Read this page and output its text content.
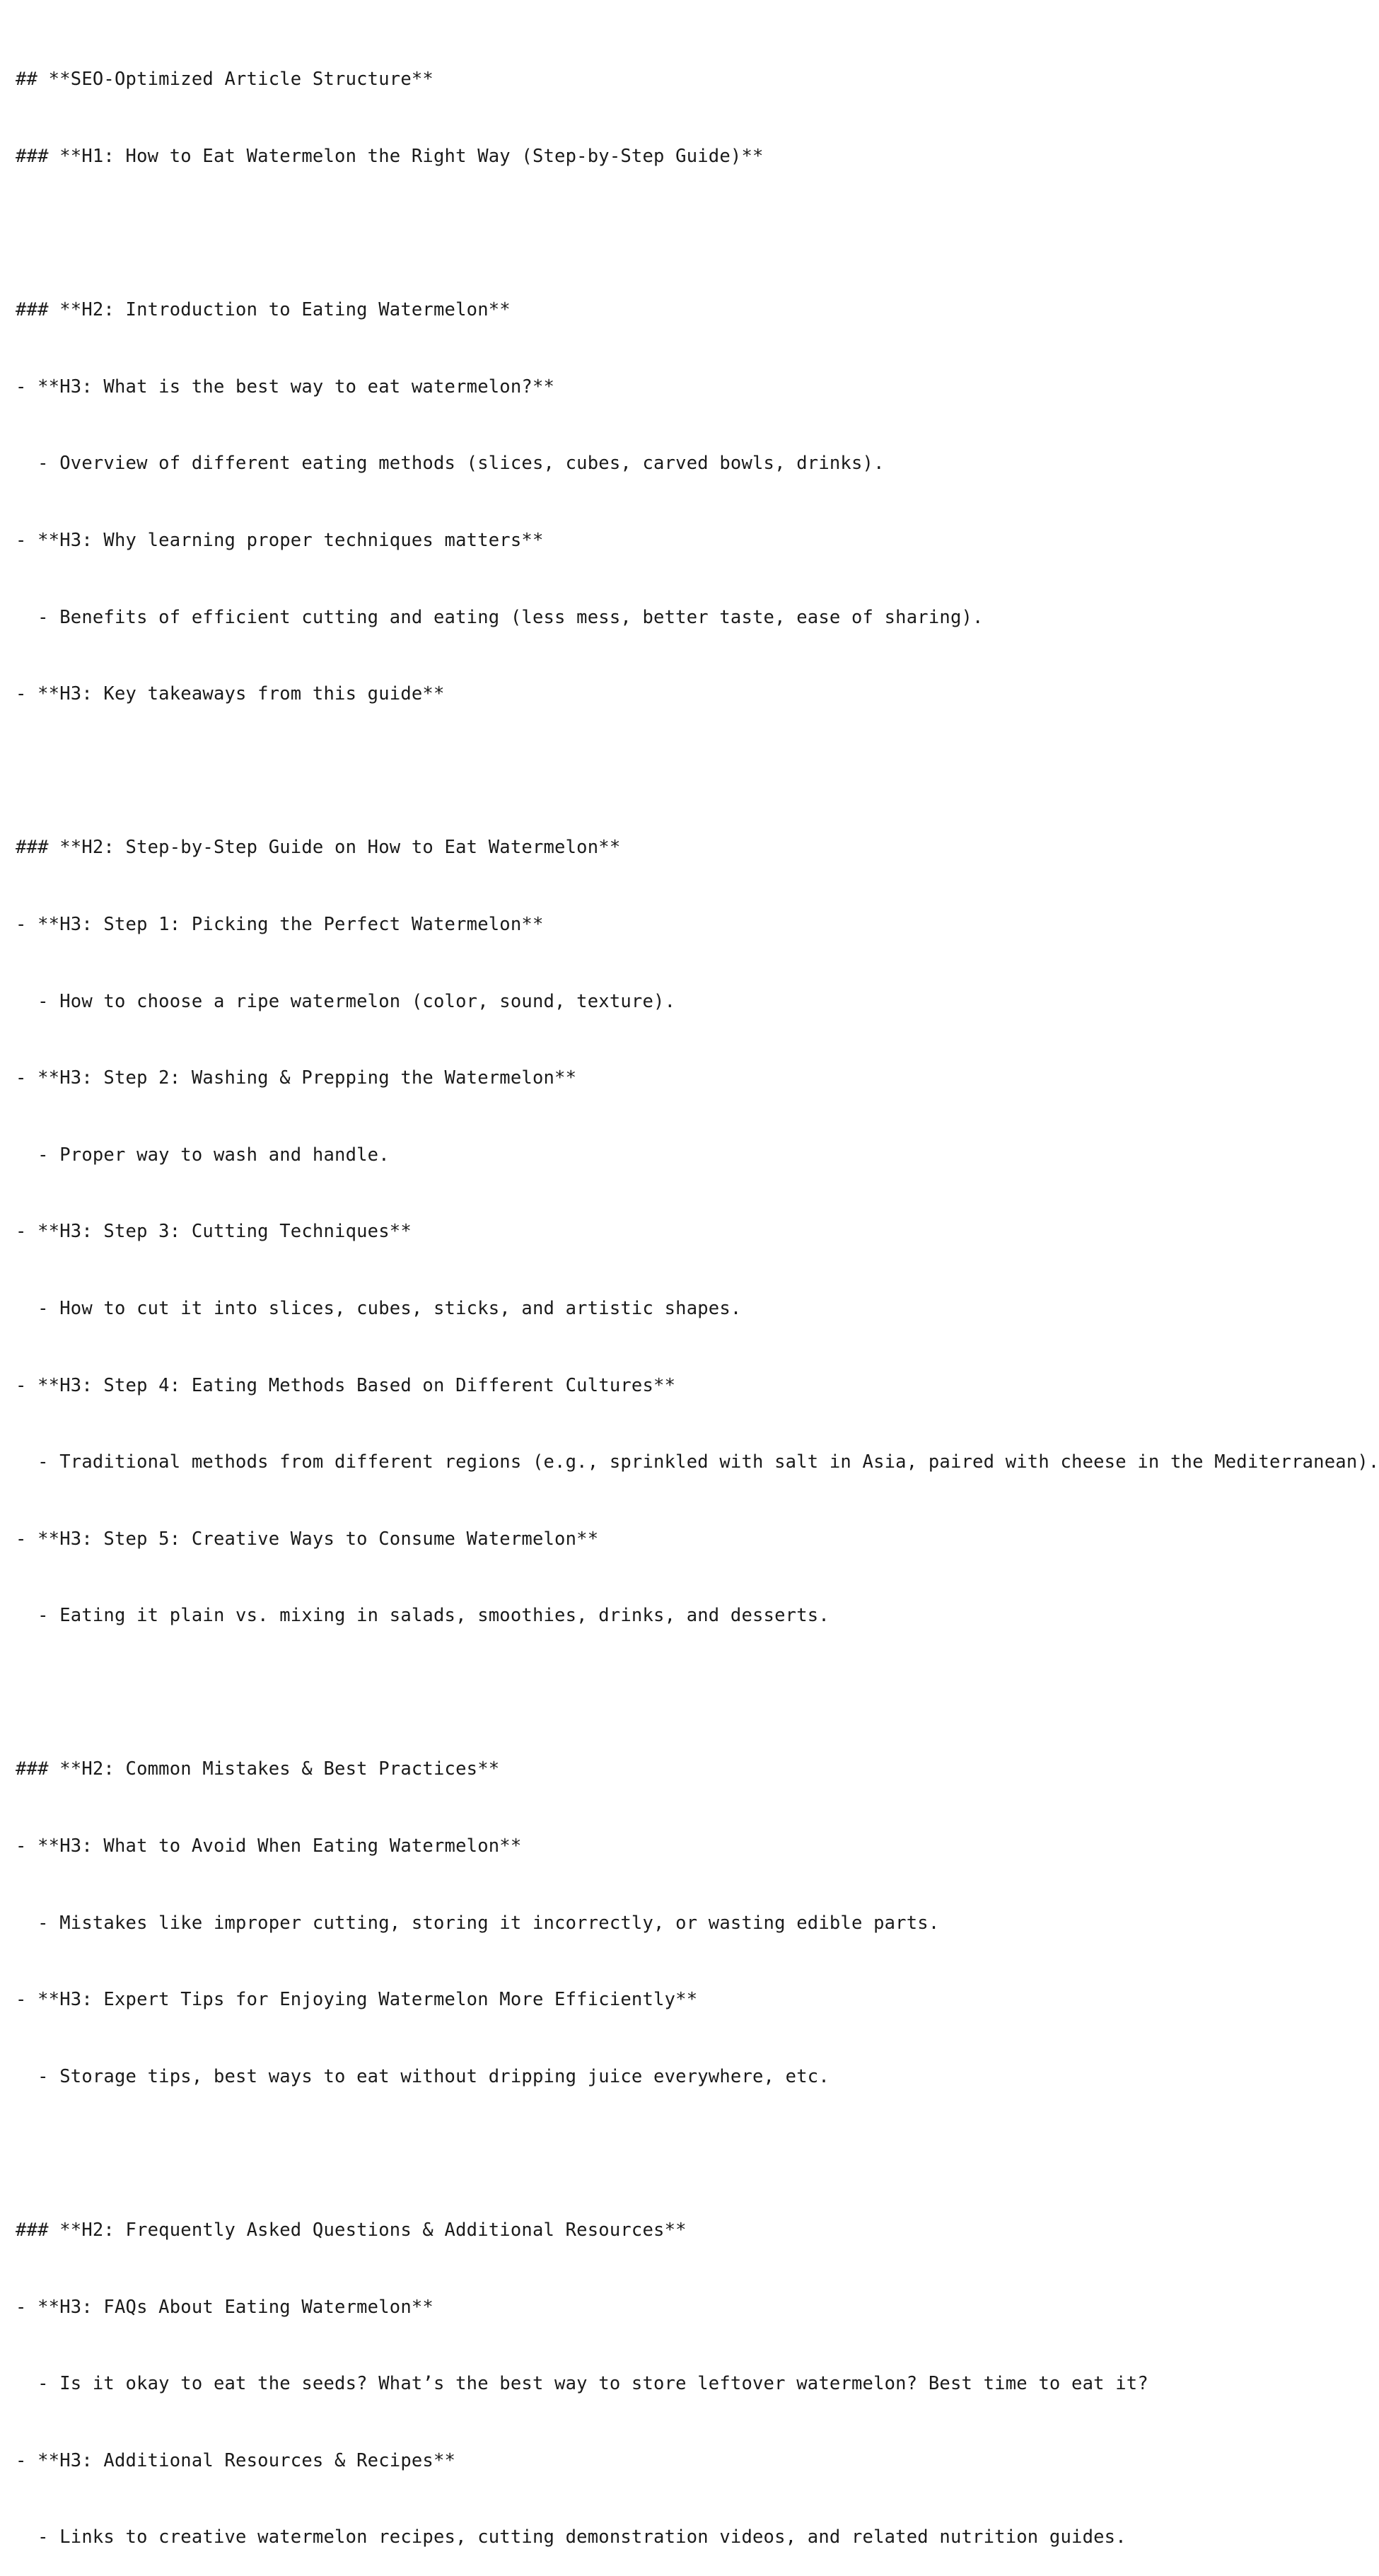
## **SEO-Optimized Article Structure**

### **H1: How to Eat Watermelon the Right Way (Step-by-Step Guide)**

### **H2: Introduction to Eating Watermelon**

- **H3: What is the best way to eat watermelon?**

- Overview of different eating methods (slices, cubes, carved bowls, drinks).

- **H3: Why learning proper techniques matters**

- Benefits of efficient cutting and eating (less mess, better taste, ease of sharing).

- **H3: Key takeaways from this guide**

### **H2: Step-by-Step Guide on How to Eat Watermelon**

- **H3: Step 1: Picking the Perfect Watermelon**

- How to choose a ripe watermelon (color, sound, texture).

- **H3: Step 2: Washing & Prepping the Watermelon**

- Proper way to wash and handle.

- **H3: Step 3: Cutting Techniques**

- How to cut it into slices, cubes, sticks, and artistic shapes.

- **H3: Step 4: Eating Methods Based on Different Cultures**

- Traditional methods from different regions (e.g., sprinkled with salt in Asia, paired with cheese in the Mediterranean).

- **H3: Step 5: Creative Ways to Consume Watermelon**

- Eating it plain vs. mixing in salads, smoothies, drinks, and desserts.

### **H2: Common Mistakes & Best Practices**

- **H3: What to Avoid When Eating Watermelon**

- Mistakes like improper cutting, storing it incorrectly, or wasting edible parts.

- **H3: Expert Tips for Enjoying Watermelon More Efficiently**

- Storage tips, best ways to eat without dripping juice everywhere, etc.

### **H2: Frequently Asked Questions & Additional Resources**

- **H3: FAQs About Eating Watermelon**

- Is it okay to eat the seeds? What’s the best way to store leftover watermelon? Best time to eat it?

- **H3: Additional Resources & Recipes**

- Links to creative watermelon recipes, cutting demonstration videos, and related nutrition guides.
